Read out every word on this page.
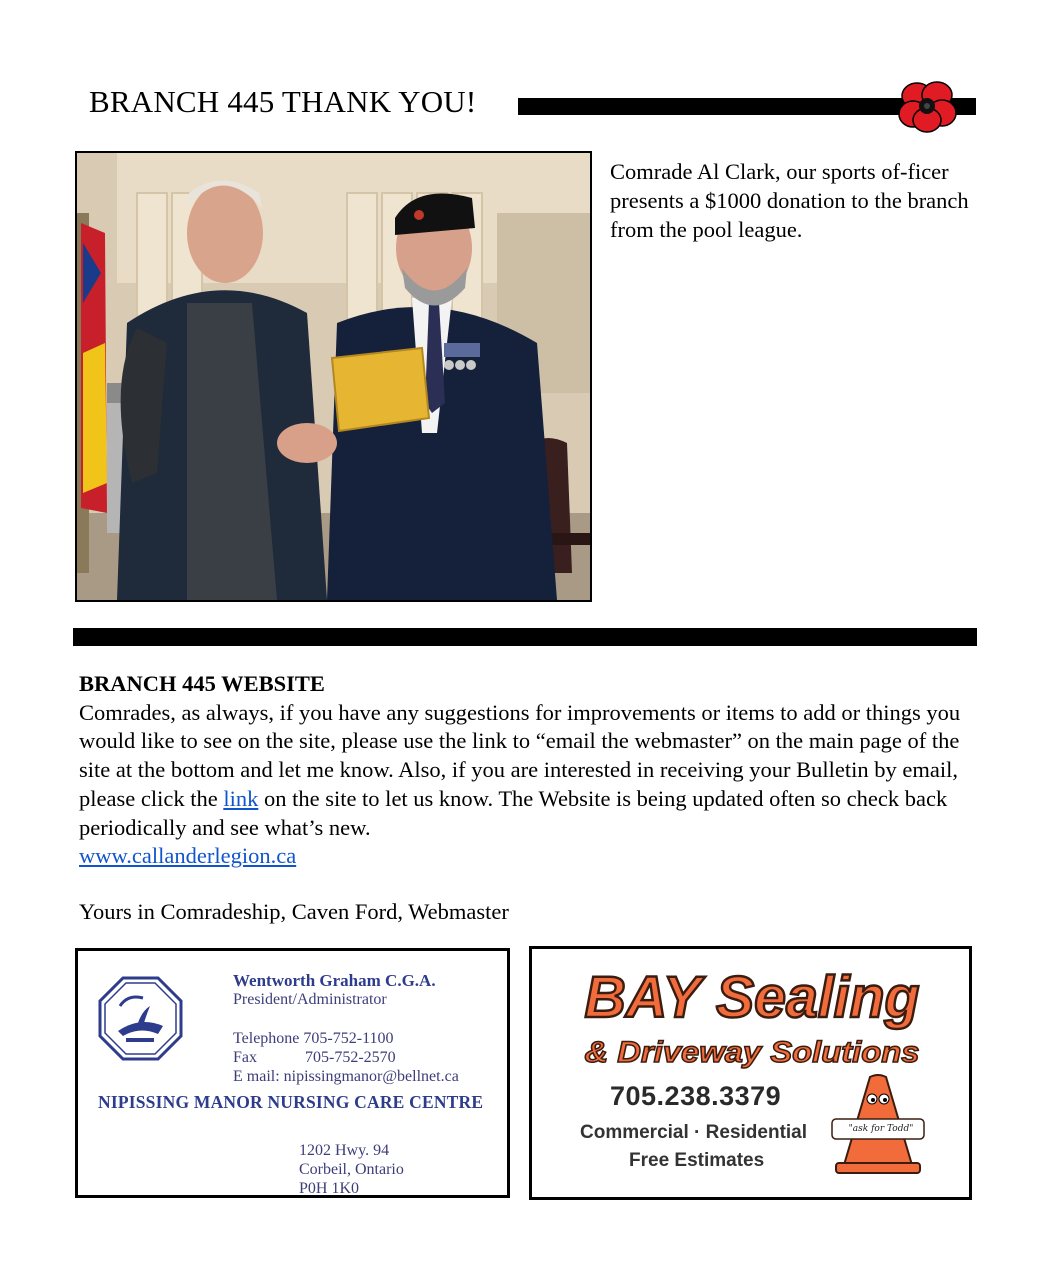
BRANCH 445 THANK YOU!
Comrade Al Clark, our sports of-ficer presents a $1000 donation to the branch from the pool league.
BRANCH 445 WEBSITE
Comrades, as always, if you have any suggestions for improvements or items to add or things you would like to see on the site, please use the link to “email the webmaster” on the main page of the site at the bottom and let me know. Also, if you are interested in receiving your Bulletin by email, please click the link on the site to let us know. The Website is being updated often so check back periodically and see what’s new.
www.callanderlegion.ca
Yours in Comradeship, Caven Ford, Webmaster
Wentworth Graham C.G.A.
President/Administrator
Telephone 705-752-1100
Fax	705-752-2570
E mail: nipissingmanor@bellnet.ca
NIPISSING MANOR NURSING CARE CENTRE
1202 Hwy. 94
Corbeil, Ontario
P0H 1K0
BAY Sealing
& Driveway Solutions
705.238.3379
Commercial · Residential
Free Estimates
"ask for Todd"
